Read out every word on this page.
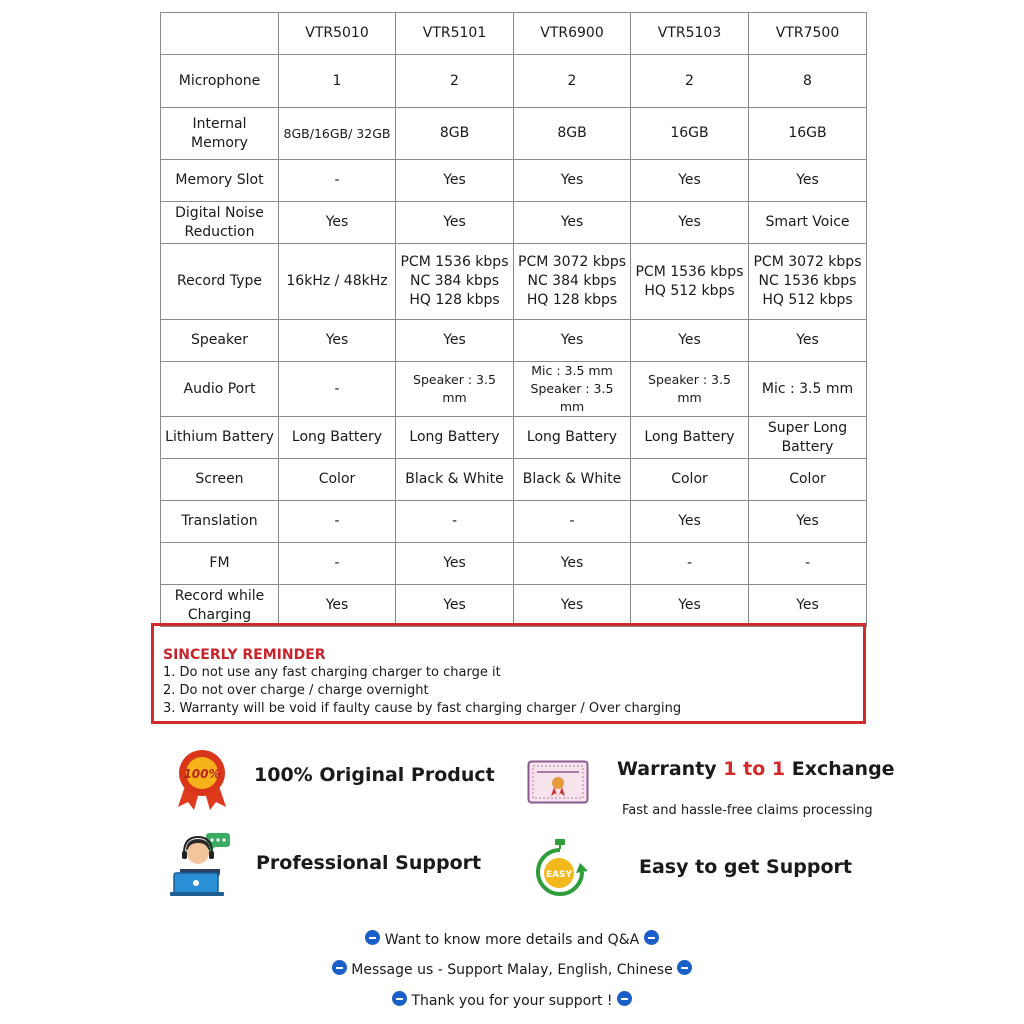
	VTR5010	VTR5101	VTR6900	VTR5103	VTR7500

Microphone	1	2	2	2	8

Internal
Memory	8GB/16GB/ 32GB	8GB	8GB	16GB	16GB

Memory Slot	-	Yes	Yes	Yes	Yes

Digital Noise
Reduction	Yes	Yes	Yes	Yes	Smart Voice

Record Type	16kHz / 48kHz	PCM 1536 kbps
NC 384 kbps
HQ 128 kbps	PCM 3072 kbps
NC 384 kbps
HQ 128 kbps	PCM 1536 kbps
HQ 512 kbps	PCM 3072 kbps
NC 1536 kbps
HQ 512 kbps

Speaker	Yes	Yes	Yes	Yes	Yes

Audio Port	-	Speaker : 3.5 mm	Mic : 3.5 mm
Speaker : 3.5 mm	Speaker : 3.5 mm	Mic : 3.5 mm

Lithium Battery	Long Battery	Long Battery	Long Battery	Long Battery	Super Long
Battery

Screen	Color	Black & White	Black & White	Color	Color

Translation	-	-	-	Yes	Yes

FM	-	Yes	Yes	-	-

Record while
Charging	Yes	Yes	Yes	Yes	Yes
SINCERLY REMINDER
1. Do not use any fast charging charger to charge it
2. Do not over charge / charge overnight
3. Warranty will be void if faulty cause by fast charging charger / Over charging
100% 100% Original Product	Warranty 1 to 1 Exchange
Fast and hassle-free claims processing
Professional Support
EASY	Easy to get Support
Want to know more details and Q&A
Message us - Support Malay, English, Chinese
Thank you for your support !
